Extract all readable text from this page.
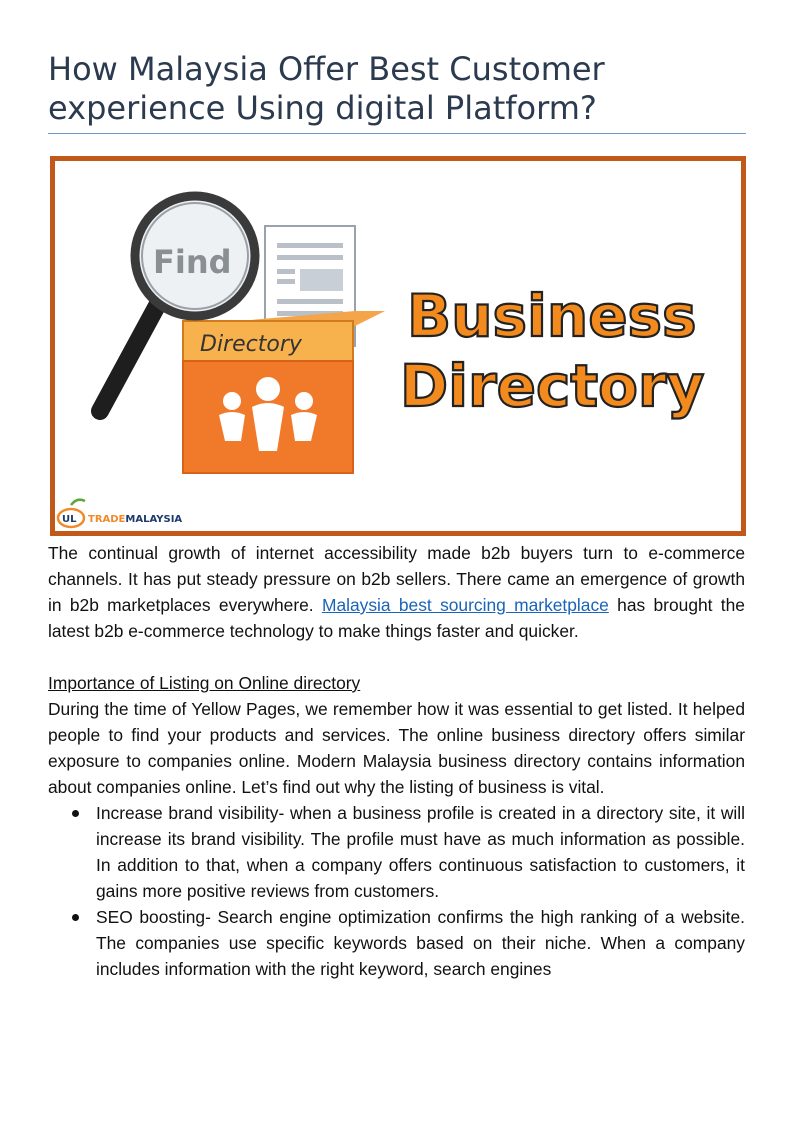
How Malaysia Offer Best Customer
experience Using digital Platform?
Directory
Find
Business
Directory
UL TRADEMALAYSIA

The continual growth of internet accessibility made b2b buyers turn to e-commerce channels. It has put steady pressure on b2b sellers. There came an emergence of growth in b2b marketplaces everywhere. Malaysia best sourcing marketplace has brought the latest b2b e-commerce technology to make things faster and quicker.

Importance of Listing on Online directory

During the time of Yellow Pages, we remember how it was essential to get listed. It helped people to find your products and services. The online business directory offers similar exposure to companies online. Modern Malaysia business directory contains information about companies online. Let’s find out why the listing of business is vital.

Increase brand visibility- when a business profile is created in a directory site, it will increase its brand visibility. The profile must have as much information as possible. In addition to that, when a company offers continuous satisfaction to customers, it gains more positive reviews from customers.
SEO boosting- Search engine optimization confirms the high ranking of a website. The companies use specific keywords based on their niche. When a company includes information with the right keyword, search engines
